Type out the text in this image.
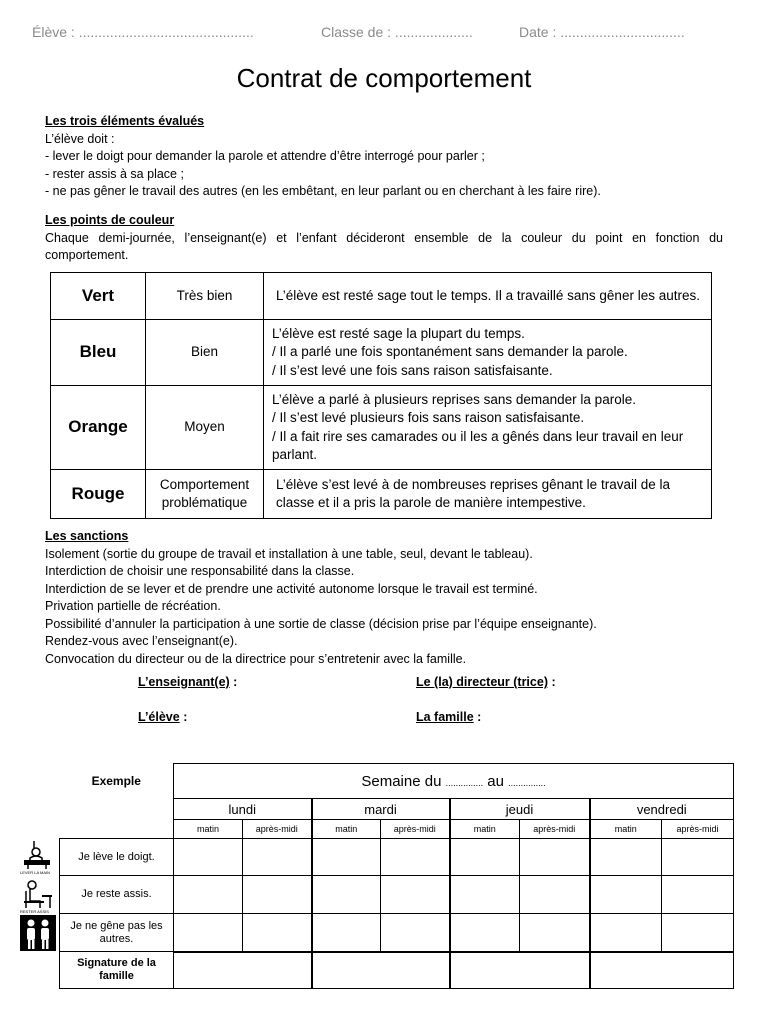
Élève : .............................................	Classe de : ....................	Date : ................................
Contrat de comportement
Les trois éléments évalués
L’élève doit :
- lever le doigt pour demander la parole et attendre d’être interrogé pour parler ;
- rester assis à sa place ;
- ne pas gêner le travail des autres (en les embêtant, en leur parlant ou en cherchant à les faire rire).
Les points de couleur
Chaque demi-journée, l’enseignant(e) et l’enfant décideront ensemble de la couleur du point en fonction du comportement.
Vert	Très bien	L’élève est resté sage tout le temps. Il a travaillé sans gêner les autres.

Bleu	Bien	L’élève est resté sage la plupart du temps.
/ Il a parlé une fois spontanément sans demander la parole.
/ Il s’est levé une fois sans raison satisfaisante.

Orange	Moyen	L’élève a parlé à plusieurs reprises sans demander la parole.
/ Il s’est levé plusieurs fois sans raison satisfaisante.
/ Il a fait rire ses camarades ou il les a gênés dans leur travail en leur parlant.

Rouge	Comportement problématique	L’élève s’est levé à de nombreuses reprises gênant le travail de la classe et il a pris la parole de manière intempestive.
Les sanctions
Isolement (sortie du groupe de travail et installation à une table, seul, devant le tableau).
Interdiction de choisir une responsabilité dans la classe.
Interdiction de se lever et de prendre une activité autonome lorsque le travail est terminé.
Privation partielle de récréation.
Possibilité d’annuler la participation à une sortie de classe (décision prise par l’équipe enseignante).
Rendez-vous avec l’enseignant(e).
Convocation du directeur ou de la directrice pour s’entretenir avec la famille.
L’enseignant(e) :	Le (la) directeur (trice) :
L’élève :	La famille :
Exemple	Semaine du ............... au ...............							
	lundi		mardi		jeudi		vendredi	
	matin	après-midi	matin	après-midi	matin	après-midi	matin	après-midi
Je lève le doigt.								
Je reste assis.								
Je ne gêne pas les autres.								
Signature de la famille								
LEVER LA MAIN
RESTER ASSIS
